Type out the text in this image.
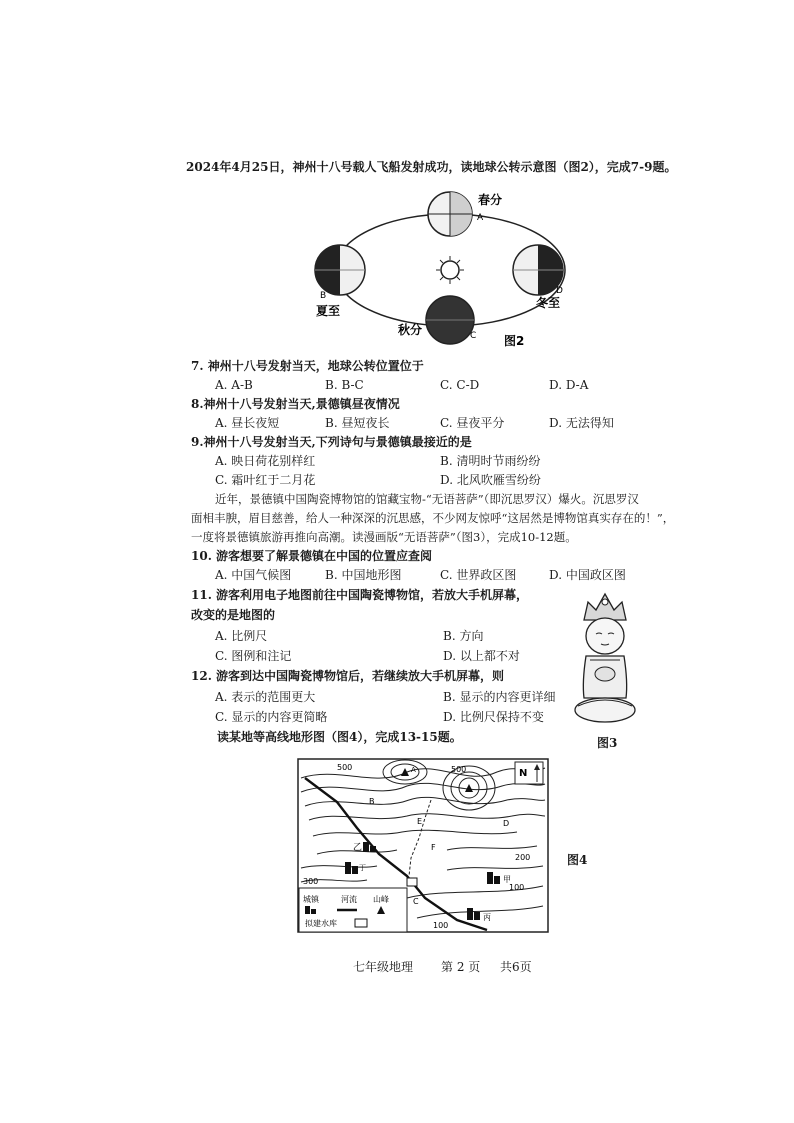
2024年4月25日，神州十八号载人飞船发射成功，读地球公转示意图（图2），完成7-9题。
春分
A
B
夏至
秋分	C
D
冬至
图2
7. 神州十八号发射当天，地球公转位置位于
A. A-B	B. B-C	C. C-D	D. D-A
8.神州十八号发射当天,景德镇昼夜情况
A. 昼长夜短	B. 昼短夜长	C. 昼夜平分	D. 无法得知
9.神州十八号发射当天,下列诗句与景德镇最接近的是
A. 映日荷花别样红	B. 清明时节雨纷纷
C. 霜叶红于二月花	D. 北风吹雁雪纷纷
近年，景德镇中国陶瓷博物馆的馆藏宝物-“无语菩萨”（即沉思罗汉）爆火。沉思罗汉
面相丰腴，眉目慈善，给人一种深深的沉思感，不少网友惊呼“这居然是博物馆真实存在的！”，
一度将景德镇旅游再推向高潮。读漫画版“无语菩萨”（图3），完成10-12题。
10. 游客想要了解景德镇在中国的位置应查阅
A. 中国气候图	B. 中国地形图	C. 世界政区图	D. 中国政区图
11. 游客利用电子地图前往中国陶瓷博物馆，若放大手机屏幕，
改变的是地图的
A. 比例尺	B. 方向
C. 图例和注记	D. 以上都不对
12. 游客到达中国陶瓷博物馆后，若继续放大手机屏幕，则
A. 表示的范围更大	B. 显示的内容更详细
C. 显示的内容更简略	D. 比例尺保持不变
图3
读某地等高线地形图（图4），完成13-15题。
N
城镇	河流 山峰
拟建水库
500	500
300
200
100
100
A
B
C
D
E
F
乙
丁
甲
丙
图4
七年级地理 第 2 页 共6页
